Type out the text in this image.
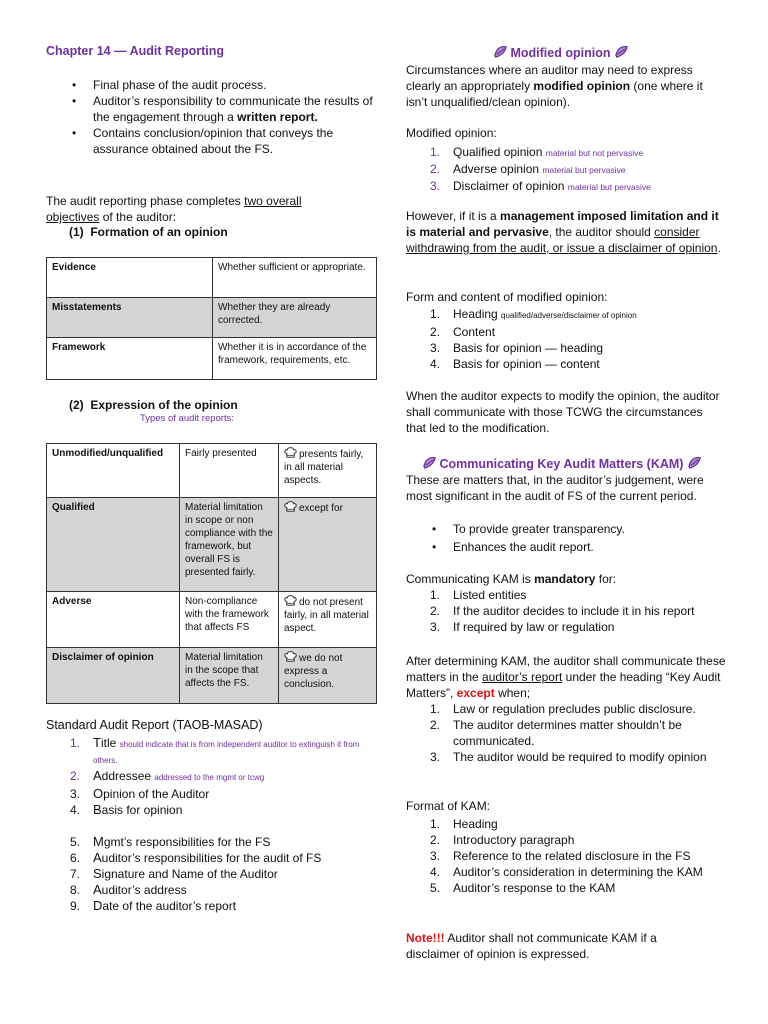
Chapter 14 — Audit Reporting
• Final phase of the audit process.
• Auditor’s responsibility to communicate the results of the engagement through a written report.
• Contains conclusion/opinion that conveys the assurance obtained about the FS.

The audit reporting phase completes two overall objectives of the auditor:

(1) Formation of an opinion
Evidence	Whether sufficient or appropriate.
Misstatements	Whether they are already corrected.
Framework	Whether it is in accordance of the framework, requirements, etc.
(2) Expression of the opinion
Types of audit reports:
Unmodified/unqualified	Fairly presented	presents fairly, in all material aspects.
Qualified	Material limitation in scope or non compliance with the framework, but overall FS is presented fairly.	except for
Adverse	Non-compliance with the framework that affects FS	do not present fairly, in all material aspect.
Disclaimer of opinion	Material limitation in the scope that affects the FS.	we do not express a conclusion.
Standard Audit Report (TAOB-MASAD)
1. Title should indicate that is from independent auditor to extinguish it from others.
2. Addressee addressed to the mgmt or tcwg
3. Opinion of the Auditor
4. Basis for opinion
5. Mgmt’s responsibilities for the FS
6. Auditor’s responsibilities for the audit of FS
7. Signature and Name of the Auditor
8. Auditor’s address
9. Date of the auditor’s report
Modified opinion

Circumstances where an auditor may need to express clearly an appropriately modified opinion (one where it isn’t unqualified/clean opinion).

Modified opinion:
1.	Qualified opinion material but not pervasive
2.	Adverse opinion material but pervasive
3.	Disclaimer of opinion material but pervasive

However, if it is a management imposed limitation and it is material and pervasive, the auditor should consider withdrawing from the audit, or issue a disclaimer of opinion.

Form and content of modified opinion:
1.	Heading qualified/adverse/disclaimer of opinion
2.	Content
3.	Basis for opinion — heading
4.	Basis for opinion — content

When the auditor expects to modify the opinion, the auditor shall communicate with those TCWG the circumstances that led to the modification.

Communicating Key Audit Matters (KAM)

These are matters that, in the auditor’s judgement, were most significant in the audit of FS of the current period.

• To provide greater transparency.
• Enhances the audit report.

Communicating KAM is mandatory for:

1.	Listed entities
2.	If the auditor decides to include it in his report
3.	If required by law or regulation

After determining KAM, the auditor shall communicate these matters in the auditor’s report under the heading “Key Audit Matters”, except when;

1.	Law or regulation precludes public disclosure.
2.	The auditor determines matter shouldn’t be communicated.
3.	The auditor would be required to modify opinion
Format of KAM:
1.	Heading
2.	Introductory paragraph
3.	Reference to the related disclosure in the FS
4.	Auditor’s consideration in determining the KAM
5.	Auditor’s response to the KAM

Note!!! Auditor shall not communicate KAM if a disclaimer of opinion is expressed.
